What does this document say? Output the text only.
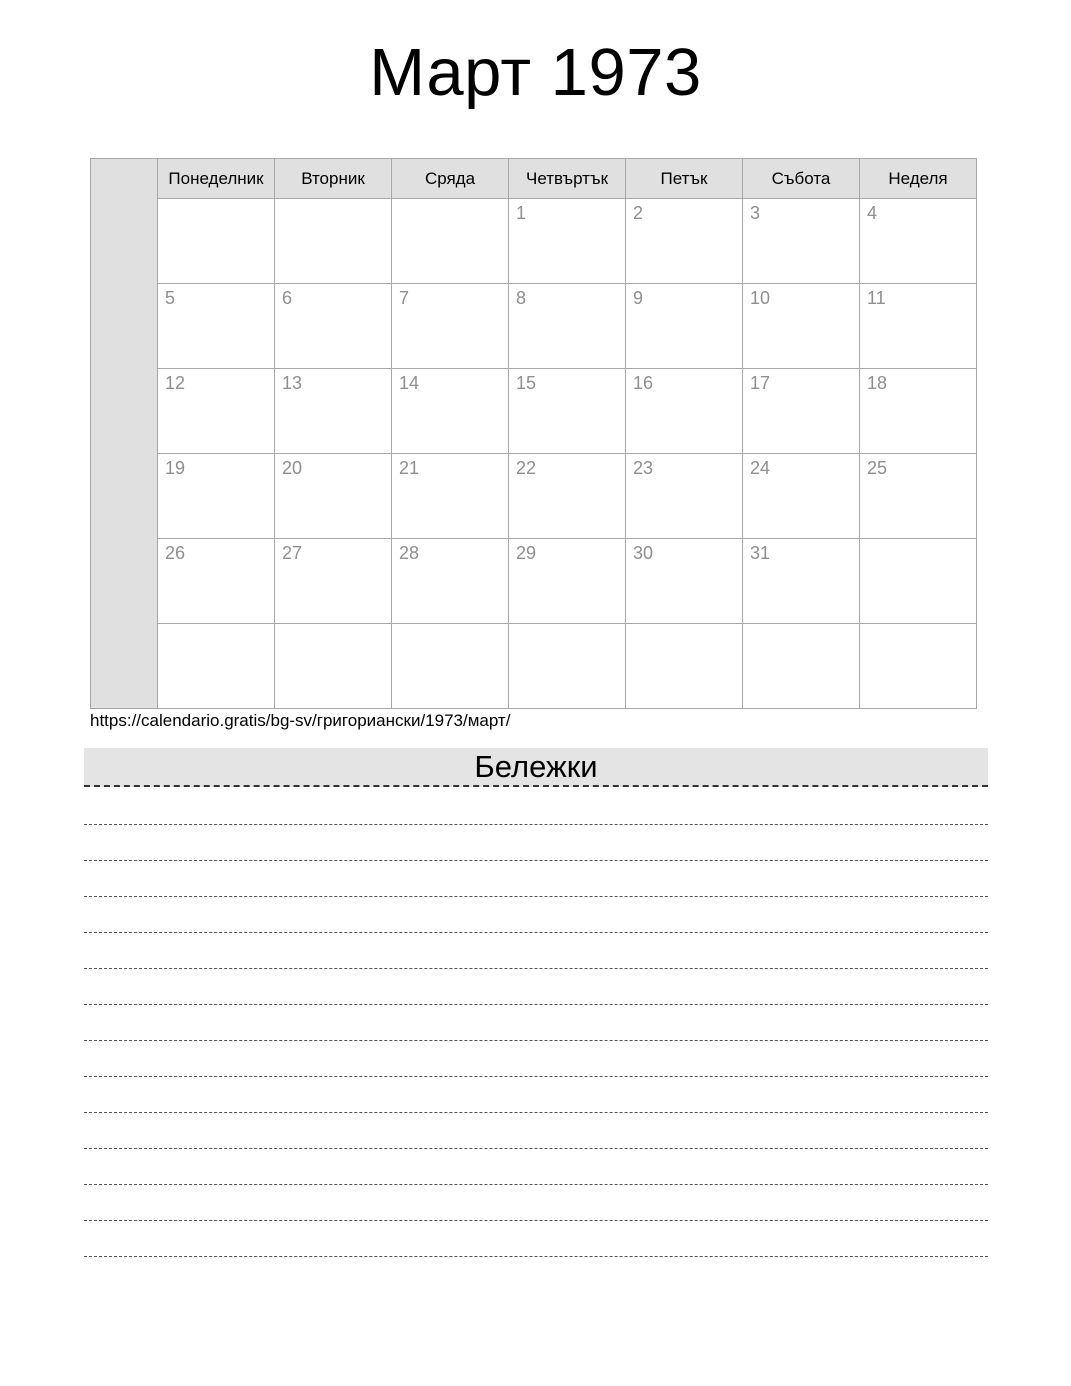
Март 1973
	Понеделник	Вторник	Сряда	Четвъртък	Петък	Събота	Неделя
				1	2	3	4
	5	6	7	8	9	10	11
	12	13	14	15	16	17	18
	19	20	21	22	23	24	25
	26	27	28	29	30	31	

https://calendario.gratis/bg-sv/григориански/1973/март/
Бележки
